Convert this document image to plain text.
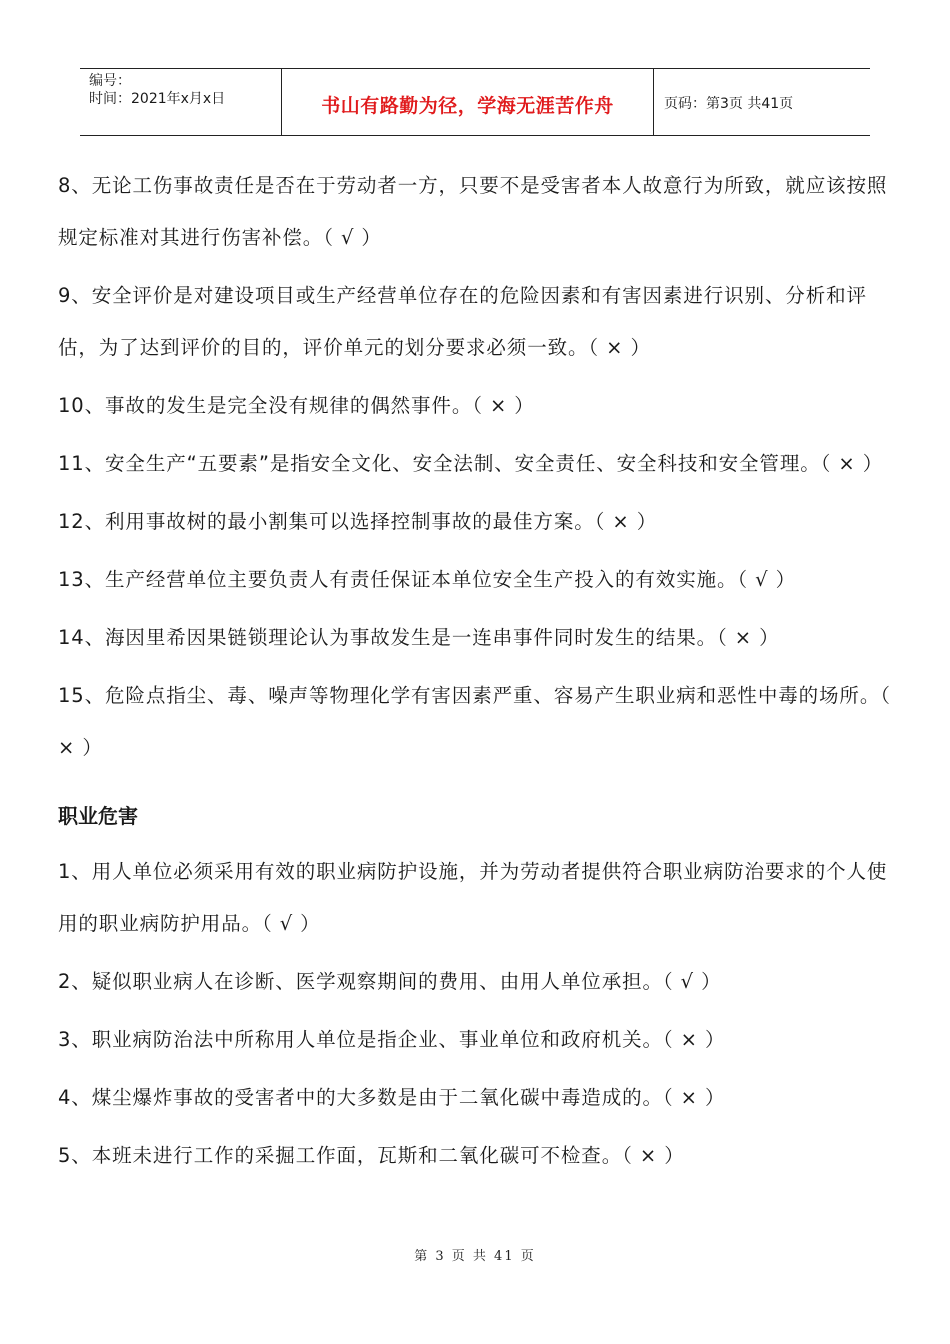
编号：
时间：2021年x月x日	书山有路勤为径，学海无涯苦作舟	页码：第3页 共41页

8、无论工伤事故责任是否在于劳动者一方，只要不是受害者本人故意行为所致，就应该按照规定标准对其进行伤害补偿。（ √ ）

9、安全评价是对建设项目或生产经营单位存在的危险因素和有害因素进行识别、分析和评估，为了达到评价的目的，评价单元的划分要求必须一致。（ × ）

10、事故的发生是完全没有规律的偶然事件。（ × ）

11、安全生产“五要素”是指安全文化、安全法制、安全责任、安全科技和安全管理。（ × ）

12、利用事故树的最小割集可以选择控制事故的最佳方案。（ × ）

13、生产经营单位主要负责人有责任保证本单位安全生产投入的有效实施。（ √ ）

14、海因里希因果链锁理论认为事故发生是一连串事件同时发生的结果。（ × ）

15、危险点指尘、毒、噪声等物理化学有害因素严重、容易产生职业病和恶性中毒的场所。（ × ）

职业危害

1、用人单位必须采用有效的职业病防护设施，并为劳动者提供符合职业病防治要求的个人使用的职业病防护用品。（ √ ）

2、疑似职业病人在诊断、医学观察期间的费用、由用人单位承担。（ √ ）

3、职业病防治法中所称用人单位是指企业、事业单位和政府机关。（ × ）

4、煤尘爆炸事故的受害者中的大多数是由于二氧化碳中毒造成的。（ × ）

5、本班未进行工作的采掘工作面，瓦斯和二氧化碳可不检查。（ × ）

第 3 页 共 41 页
